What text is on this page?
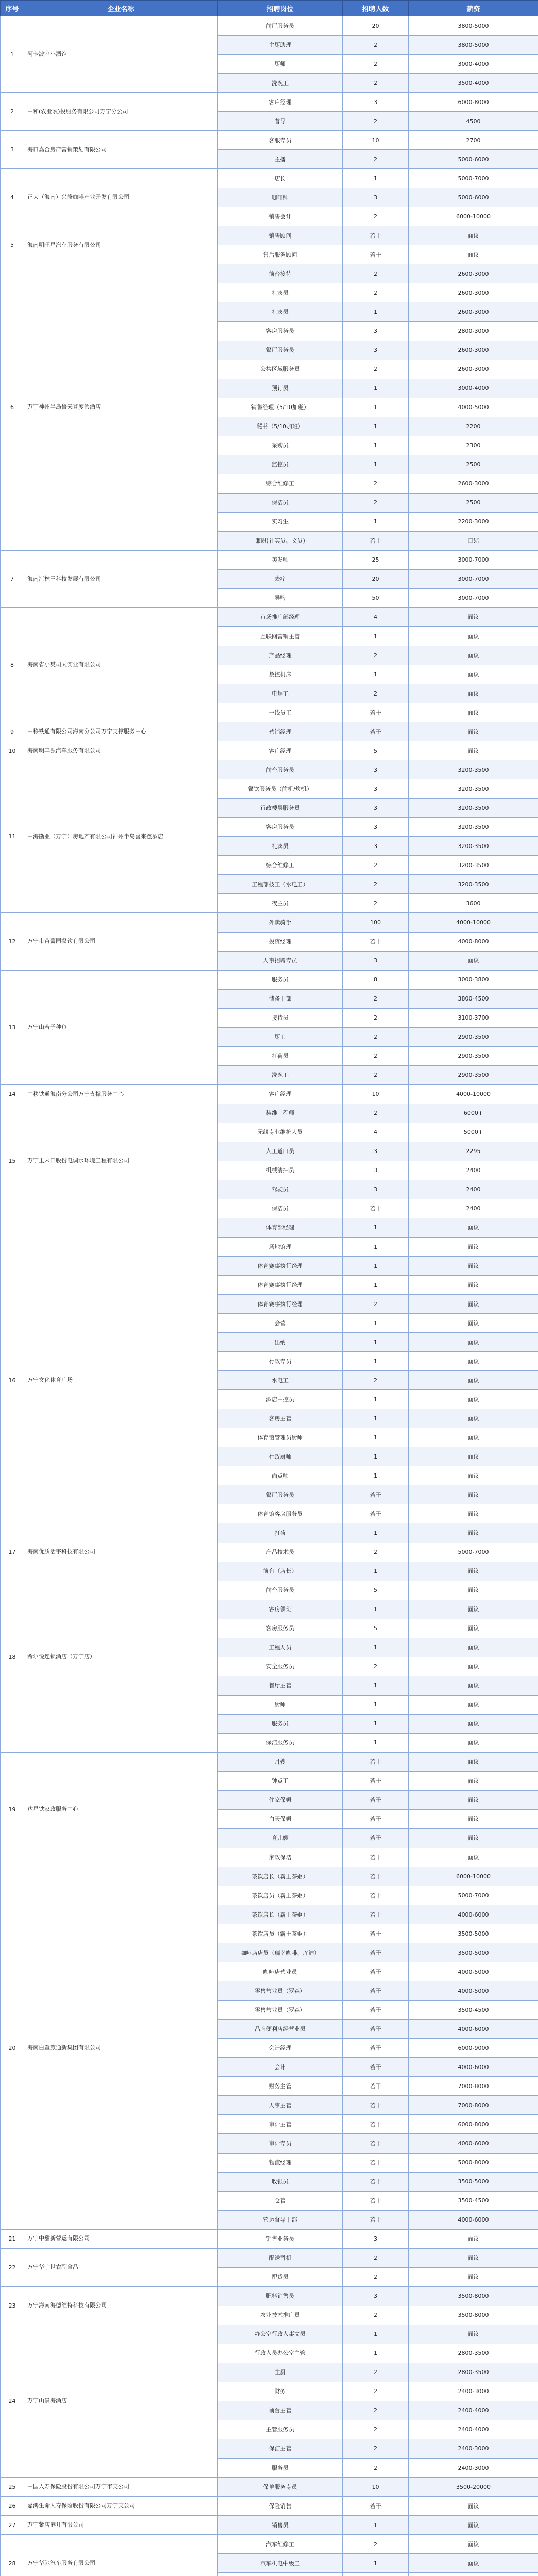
序号	企业名称	招聘岗位	招聘人数	薪资
1	阿卡波室小酒馆	前厅服务员	20	3800-5000
		主厨助理	2	3800-5000
		厨师	2	3000-4000
		洗碗工	2	3500-4000
2	中和(农业农)投服务有限公司万宁分公司	客户经理	3	6000-8000
		普导	2	4500
3	海口嘉合房产营销策划有限公司	客服专员	10	2700
		主播	2	5000-6000
4	正大（海南）兴隆咖啡产业开发有限公司	店长	1	5000-7000
		咖啡师	3	5000-6000
		销售会计	2	6000-10000
5	海南明旺星汽车服务有限公司	销售顾问	若干	面议
		售后服务顾问	若干	面议
6	万宁神州半岛鲁来登度假酒店	前台接待	2	2600-3000
		礼宾员	2	2600-3000
		礼宾员	1	2600-3000
		客房服务员	3	2800-3000
		餐厅服务员	3	2600-3000
		公共区域服务员	2	2600-3000
		预订员	1	3000-4000
		销售经理（5/10加班）	1	4000-5000
		秘书（5/10加班）	1	2200
		采购员	1	2300
		监控员	1	2500
		综合维修工	2	2600-3000
		保洁员	2	2500
		实习生	1	2200-3000
		兼职(礼宾员、文员)	若干	日结
7	海南汇林王科技发展有限公司	美发师	25	3000-7000
		去疗	20	3000-7000
		导购	50	3000-7000
8	海南省小樊司太实业有限公司	市场推广部经理	4	面议
		互联网营销主管	1	面议
		产品经理	2	面议
		数控机床	1	面议
		电焊工	2	面议
		一线员工	若干	面议
9	中移铁通有限公司海南分公司万宁支撑服务中心	营销经理	若干	面议
10	海南明丰源汽车服务有限公司	客户经理	5	面议
11	中海勘业（万宁）房地产有限公司神州半岛喜来登酒店	前台服务员	3	3200-3500
		餐饮服务员（前机/炊机）	3	3200-3500
		行政楼层服务员	3	3200-3500
		客房服务员	3	3200-3500
		礼宾员	3	3200-3500
		综合维修工	2	3200-3500
		工程部技工（水电工）	2	3200-3500
		夜主员	2	3600
12	万宁市苗薷园餐饮有限公司	外卖骑手	100	4000-10000
		投资经理	若干	4000-8000
		人事招聘专员	3	面议
13	万宁山若子种鱼	服务员	8	3000-3800
		储备干部	2	3800-4500
		接待员	2	3100-3700
		厨工	2	2900-3500
		打荷员	2	2900-3500
		洗碗工	2	2900-3500
14	中移铁通海南分公司万宁支撑服务中心	客户经理	10	4000-10000
15	万宁玉末田股份电调水环境工程有限公司	装维工程师	2	6000+
		无线专业维护人员	4	5000+
		人工道口员	3	2295
		机械清扫员	3	2400
		驾驶员	3	2400
		保洁员	若干	2400
16	万宁文化休育广场	体育部经理	1	面议
		场地馆理	1	面议
		体育赛事执行经理	1	面议
		体育赛事执行经理	1	面议
		体育赛事执行经理	2	面议
		会营	1	面议
		出纳	1	面议
		行政专员	1	面议
		水电工	2	面议
		酒店中控员	1	面议
		客房主管	1	面议
		体育馆管理员厨师	1	面议
		行政厨师	1	面议
		面点师	1	面议
		餐厅服务员	若干	面议
		体育馆客房服务员	若干	面议
		打荷	1	面议
17	海南优质活宇科技有限公司	产品技术员	2	5000-7000
18	希尔悦连锁酒店（万宁店）	前台（店长）	1	面议
		前台服务员	5	面议
		客房领班	1	面议
		客房服务员	5	面议
		工程人员	1	面议
		安全服务员	2	面议
		餐厅主管	1	面议
		厨师	1	面议
		服务员	1	面议
		保洁服务员	1	面议
19	达星铁家政服务中心	月嫂	若干	面议
		钟点工	若干	面议
		住家保姆	若干	面议
		白天保姆	若干	面议
		育儿嫂	若干	面议
		家政保洁	若干	面议
20	海南白暨旅通新集团有限公司	茶饮店长（霸王茶姬）	若干	6000-10000
		茶饮店员（霸王茶姬）	若干	5000-7000
		茶饮店长（霸王茶姬）	若干	4000-6000
		茶饮店员（霸王茶姬）	若干	3500-5000
		咖啡店店员（瑞幸咖啡、库迪）	若干	3500-5000
		咖啡店营业员	若干	4000-5000
		零售营业员（罗森）	若干	4000-5000
		零售营业员（罗森）	若干	3500-4500
		品牌便利店经营业员	若干	4000-6000
		会计经理	若干	6000-9000
		会计	若干	4000-6000
		财务主管	若干	7000-8000
		人事主管	若干	7000-8000
		审计主管	若干	6000-8000
		审计专员	若干	4000-6000
		物流经理	若干	5000-8000
		收银员	若干	3500-5000
		仓管	若干	3500-4500
		营运督导干部	若干	4000-6000
21	万宁中甜新营运有限公司	销售业务员	3	面议
22	万宁华宇世农副食品	配送司机	2	面议
		配货员	2	面议
23	万宁海南海德维特科技有限公司	肥料销售员	3	3500-8000
		农业技术推广员	2	3500-8000
24	万宁山景海酒店	办公室行政人事文员	1	面议
		行政人员办公室主管	1	2800-3500
		主厨	2	2800-3500
		财务	2	2400-3000
		前台主管	2	2400-4000
		主管服务员	2	2400-4000
		保洁主管	2	2400-3000
		服务员	2	2400-3000
25	中国人寿保险股份有限公司万宁市支公司	保单服务专员	10	3500-20000
26	嘉鸿生命人寿保险股份有限公司万宁支公司	保险销售	若干	面议
27	万宁紫店港开有限公司	销售员	1	面议
28	万宁华驰汽车服务有限公司	汽车维修工	2	面议
		汽车机电中级工	1	面议
